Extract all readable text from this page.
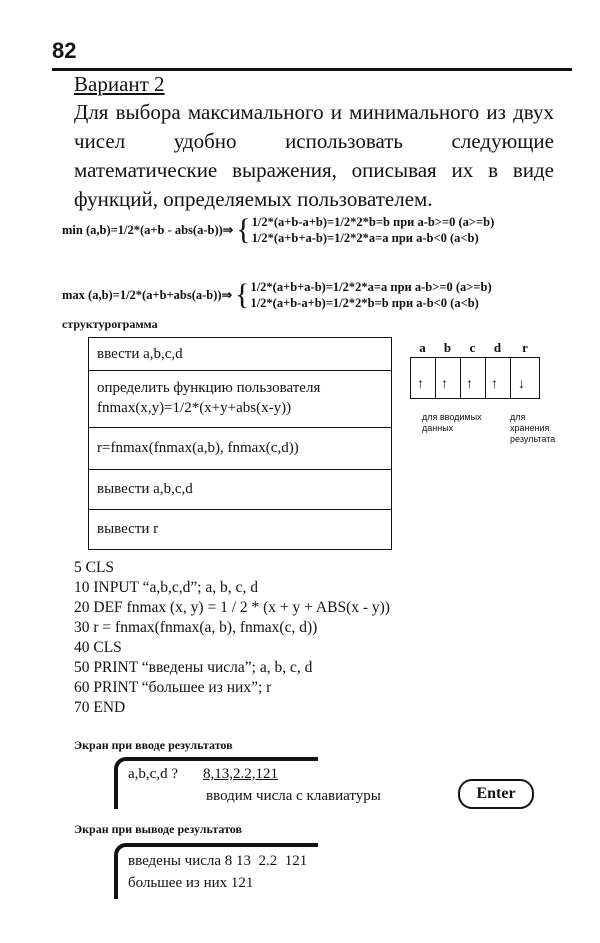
82
Вариант 2
Для выбора максимального и минимального из двух чисел удобно использовать следующие математические выражения, описывая их в виде функций, определяемых пользователем.
min (a,b)=1/2*(a+b - abs(a-b))⇒ { 1/2*(a+b-a+b)=1/2*2*b=b при a-b>=0 (a>=b)
1/2*(a+b+a-b)=1/2*2*a=a при a-b<0 (a<b)
max (a,b)=1/2*(a+b+abs(a-b))⇒ { 1/2*(a+b+a-b)=1/2*2*a=a при a-b>=0 (a>=b)
1/2*(a+b-a+b)=1/2*2*b=b при a-b<0 (a<b)
структурограмма
ввести a,b,c,d
определить функцию пользователя fnmax(x,y)=1/2*(x+y+abs(x-y))
r=fnmax(fnmax(a,b), fnmax(c,d))
вывести a,b,c,d
вывести r
a	b	c	d	r
↑ ↑ ↑ ↑ ↓
для вводимых данных
для хранения результата
5 CLS
10 INPUT “a,b,c,d”; a, b, c, d
20 DEF fnmax (x, y) = 1 / 2 * (x + y + ABS(x - y))
30 r = fnmax(fnmax(a, b), fnmax(c, d))
40 CLS
50 PRINT “введены числа”; a, b, c, d
60 PRINT “большее из них”; r
70 END
Экран при вводе результатов
a,b,c,d ? 8,13,2.2,121
вводим числа с клавиатуры	Enter
Экран при выводе результатов
введены числа 8 13  2.2  121
большее из них 121
